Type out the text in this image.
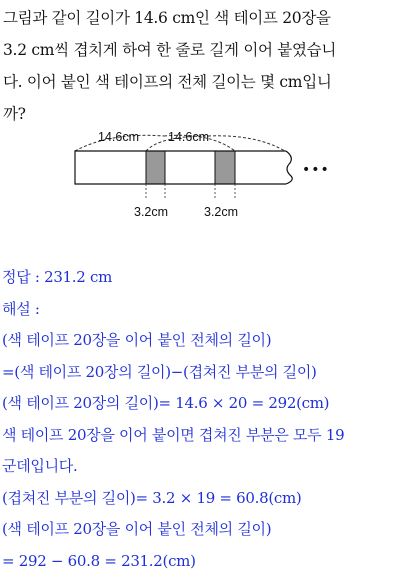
그림과 같이 길이가 14.6 cm인 색 테이프 20장을
3.2 cm씩 겹치게 하여 한 줄로 길게 이어 붙였습니
다. 이어 붙인 색 테이프의 전체 길이는 몇 cm입니
까?
14.6cm 14.6cm
•••
3.2cm	3.2cm
정답 : 231.2 cm
해설 :
(색 테이프 20장을 이어 붙인 전체의 길이)
=(색 테이프 20장의 길이)−(겹쳐진 부분의 길이)
(색 테이프 20장의 길이)= 14.6 × 20 = 292(cm)
색 테이프 20장을 이어 붙이면 겹쳐진 부분은 모두 19
군데입니다.
(겹쳐진 부분의 길이)= 3.2 × 19 = 60.8(cm)
(색 테이프 20장을 이어 붙인 전체의 길이)
= 292 − 60.8 = 231.2(cm)
